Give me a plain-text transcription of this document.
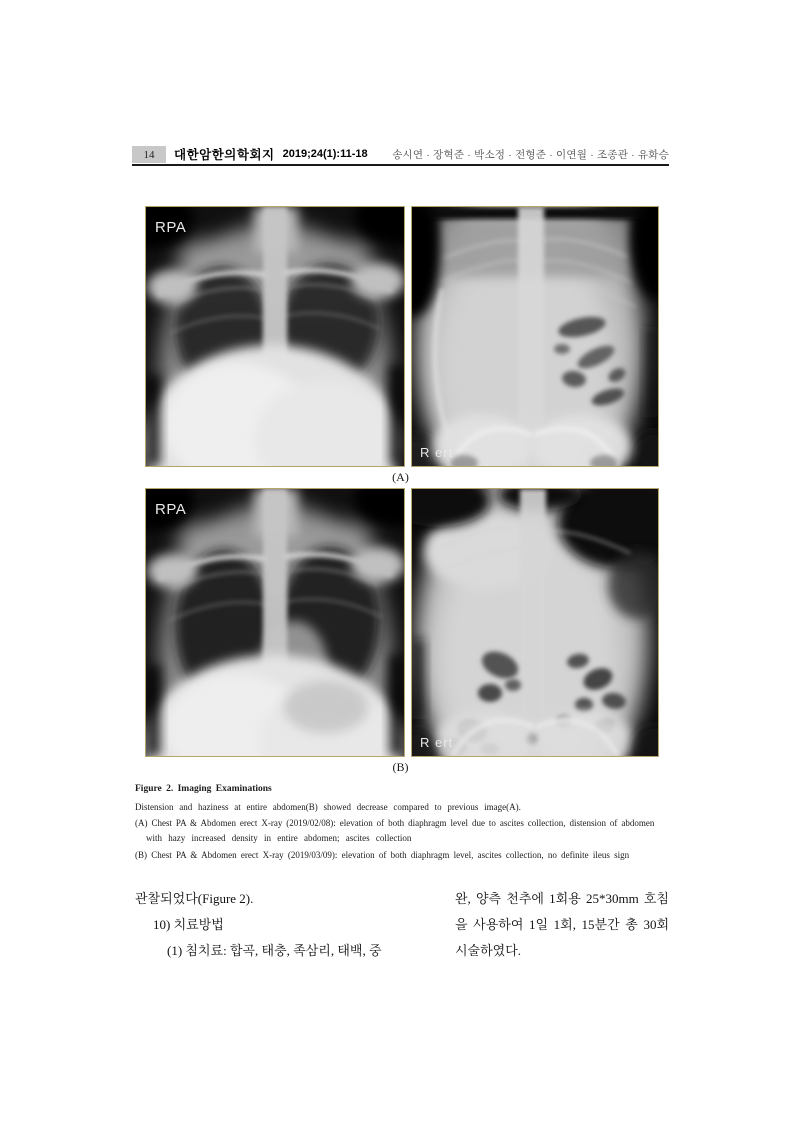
14 대한암한의학회지 2019;24(1):11-18 송시연 · 장혁준 · 박소정 · 전형준 · 이연월 · 조종관 · 유화승
RPA
R ert
(A)
RPA
R ert
(B)
Figure 2. Imaging Examinations
Distension and haziness at entire abdomen(B) showed decrease compared to previous image(A).
(A) Chest PA & Abdomen erect X-ray (2019/02/08): elevation of both diaphragm level due to ascites collection, distension of abdomen
with hazy increased density in entire abdomen; ascites collection
(B) Chest PA & Abdomen erect X-ray (2019/03/09): elevation of both diaphragm level, ascites collection, no definite ileus sign
관찰되었다(Figure 2).
10) 치료방법
(1) 침치료: 합곡, 태충, 족삼리, 태백, 중
완, 양측 천추에 1회용 25*30mm 호침
을 사용하여 1일 1회, 15분간 총 30회
시술하였다.
